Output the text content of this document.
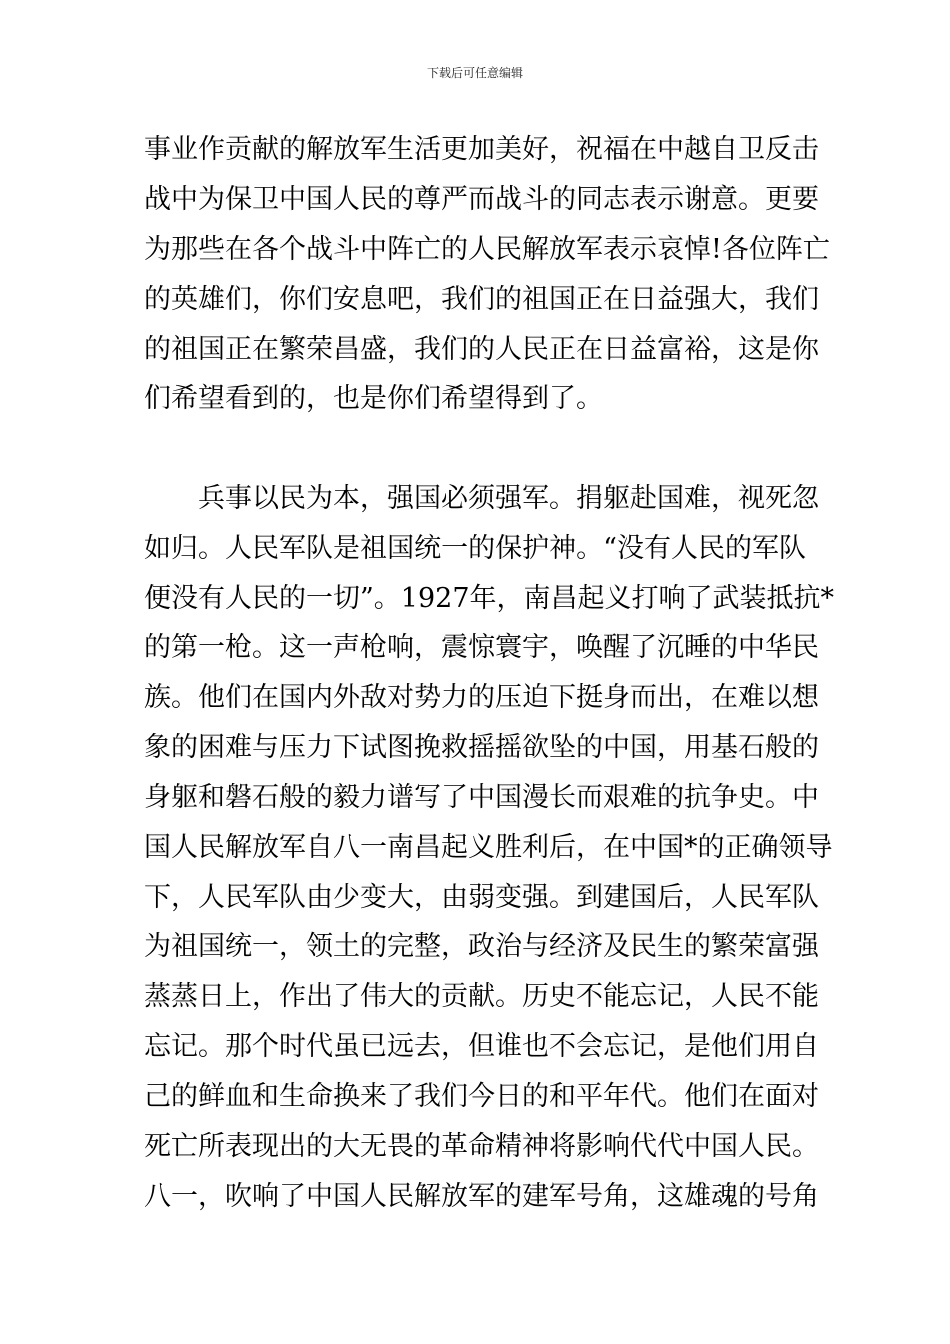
下载后可任意编辑
事业作贡献的解放军生活更加美好，祝福在中越自卫反击
战中为保卫中国人民的尊严而战斗的同志表示谢意。更要
为那些在各个战斗中阵亡的人民解放军表示哀悼!各位阵亡
的英雄们，你们安息吧，我们的祖国正在日益强大，我们
的祖国正在繁荣昌盛，我们的人民正在日益富裕，这是你
们希望看到的，也是你们希望得到了。
兵事以民为本，强国必须强军。捐躯赴国难，视死忽
如归。人民军队是祖国统一的保护神。“没有人民的军队
便没有人民的一切”。1927年，南昌起义打响了武装抵抗*
的第一枪。这一声枪响，震惊寰宇，唤醒了沉睡的中华民
族。他们在国内外敌对势力的压迫下挺身而出，在难以想
象的困难与压力下试图挽救摇摇欲坠的中国，用基石般的
身躯和磐石般的毅力谱写了中国漫长而艰难的抗争史。中
国人民解放军自八一南昌起义胜利后，在中国*的正确领导
下，人民军队由少变大，由弱变强。到建国后，人民军队
为祖国统一，领土的完整，政治与经济及民生的繁荣富强
蒸蒸日上，作出了伟大的贡献。历史不能忘记，人民不能
忘记。那个时代虽已远去，但谁也不会忘记，是他们用自
己的鲜血和生命换来了我们今日的和平年代。他们在面对
死亡所表现出的大无畏的革命精神将影响代代中国人民。
八一，吹响了中国人民解放军的建军号角，这雄魂的号角
